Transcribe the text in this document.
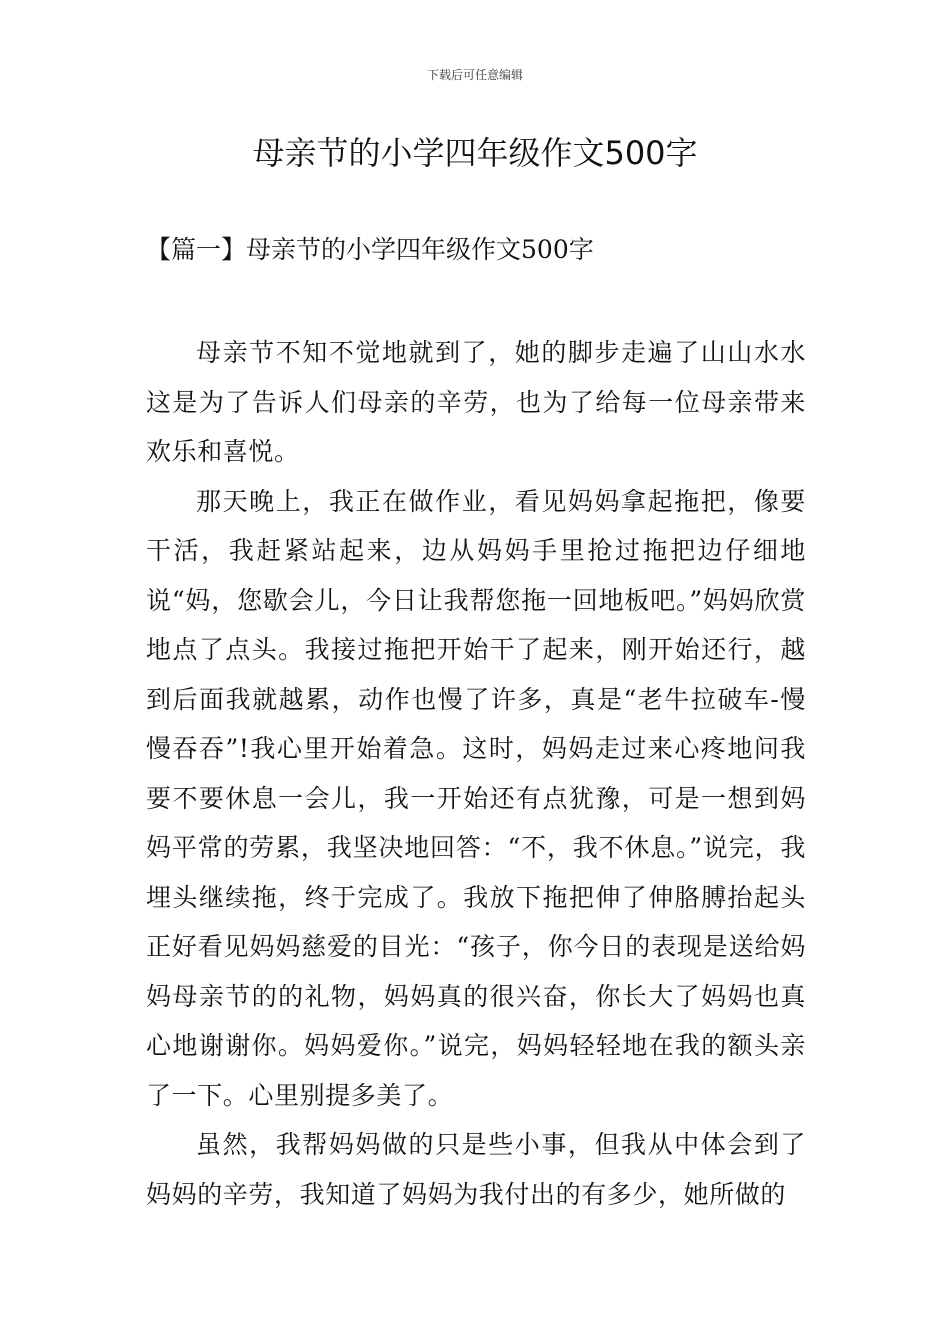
下载后可任意编辑
母亲节的小学四年级作文500字
【篇一】母亲节的小学四年级作文500字

母亲节不知不觉地就到了，她的脚步走遍了山山水水这是为了告诉人们母亲的辛劳，也为了给每一位母亲带来欢乐和喜悦。

那天晚上，我正在做作业，看见妈妈拿起拖把，像要干活，我赶紧站起来，边从妈妈手里抢过拖把边仔细地说“妈，您歇会儿，今日让我帮您拖一回地板吧。”妈妈欣赏地点了点头。我接过拖把开始干了起来，刚开始还行，越到后面我就越累，动作也慢了许多，真是“老牛拉破车-慢慢吞吞”!我心里开始着急。这时，妈妈走过来心疼地问我要不要休息一会儿，我一开始还有点犹豫，可是一想到妈妈平常的劳累，我坚决地回答：“不，我不休息。”说完，我埋头继续拖，终于完成了。我放下拖把伸了伸胳膊抬起头正好看见妈妈慈爱的目光：“孩子，你今日的表现是送给妈妈母亲节的的礼物，妈妈真的很兴奋，你长大了妈妈也真心地谢谢你。妈妈爱你。”说完，妈妈轻轻地在我的额头亲了一下。心里别提多美了。

虽然，我帮妈妈做的只是些小事，但我从中体会到了妈妈的辛劳，我知道了妈妈为我付出的有多少，她所做的
